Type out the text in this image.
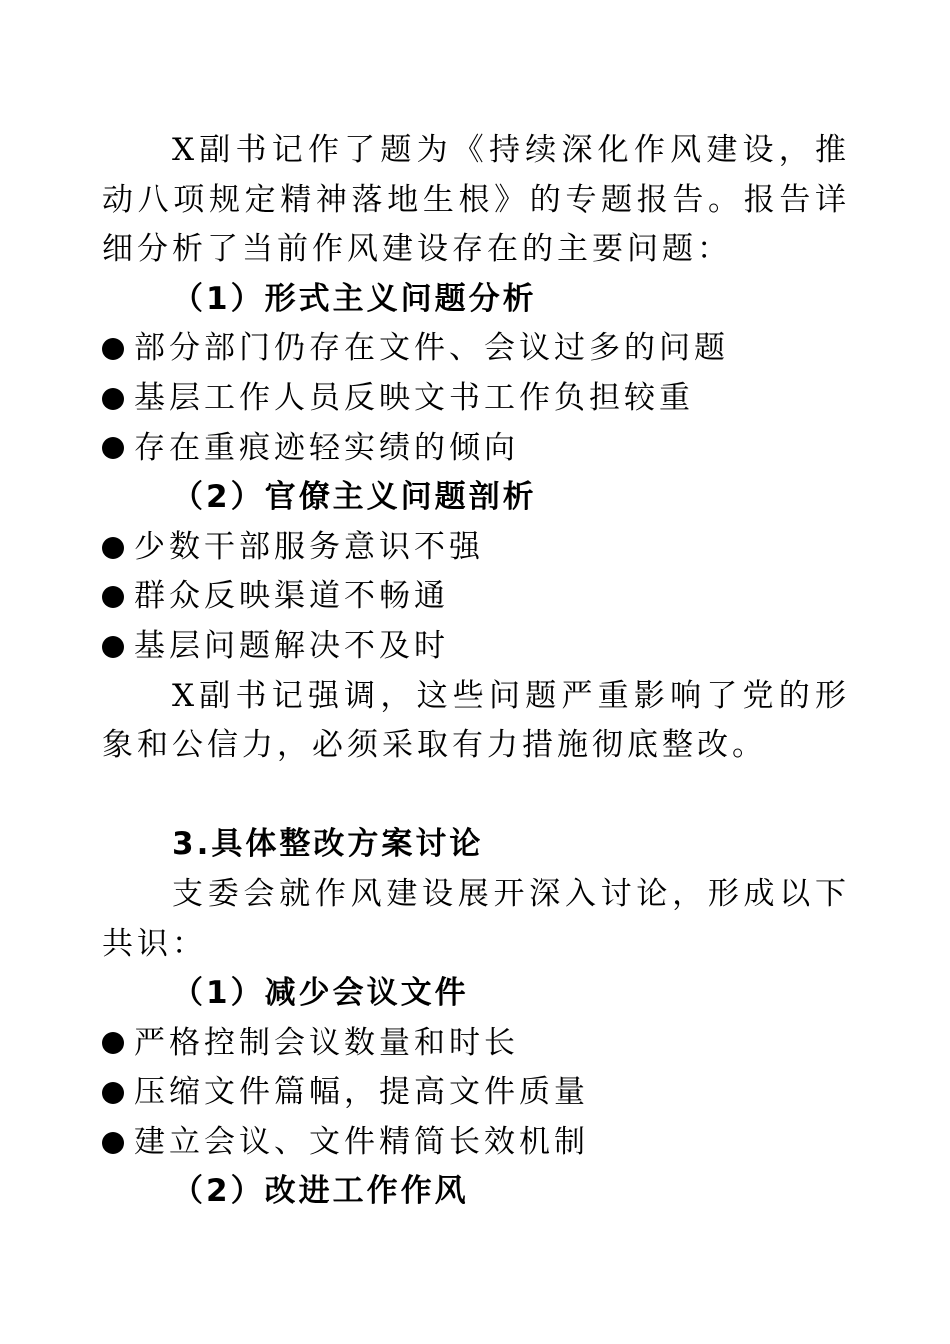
X副书记作了题为《持续深化作风建设，推
动八项规定精神落地生根》的专题报告。报告详
细分析了当前作风建设存在的主要问题：
（1）形式主义问题分析
部分部门仍存在文件、会议过多的问题
基层工作人员反映文书工作负担较重
存在重痕迹轻实绩的倾向
（2）官僚主义问题剖析
少数干部服务意识不强
群众反映渠道不畅通
基层问题解决不及时
X副书记强调，这些问题严重影响了党的形
象和公信力，必须采取有力措施彻底整改。
3.具体整改方案讨论
支委会就作风建设展开深入讨论，形成以下
共识：
（1）减少会议文件
严格控制会议数量和时长
压缩文件篇幅，提高文件质量
建立会议、文件精简长效机制
（2）改进工作作风
